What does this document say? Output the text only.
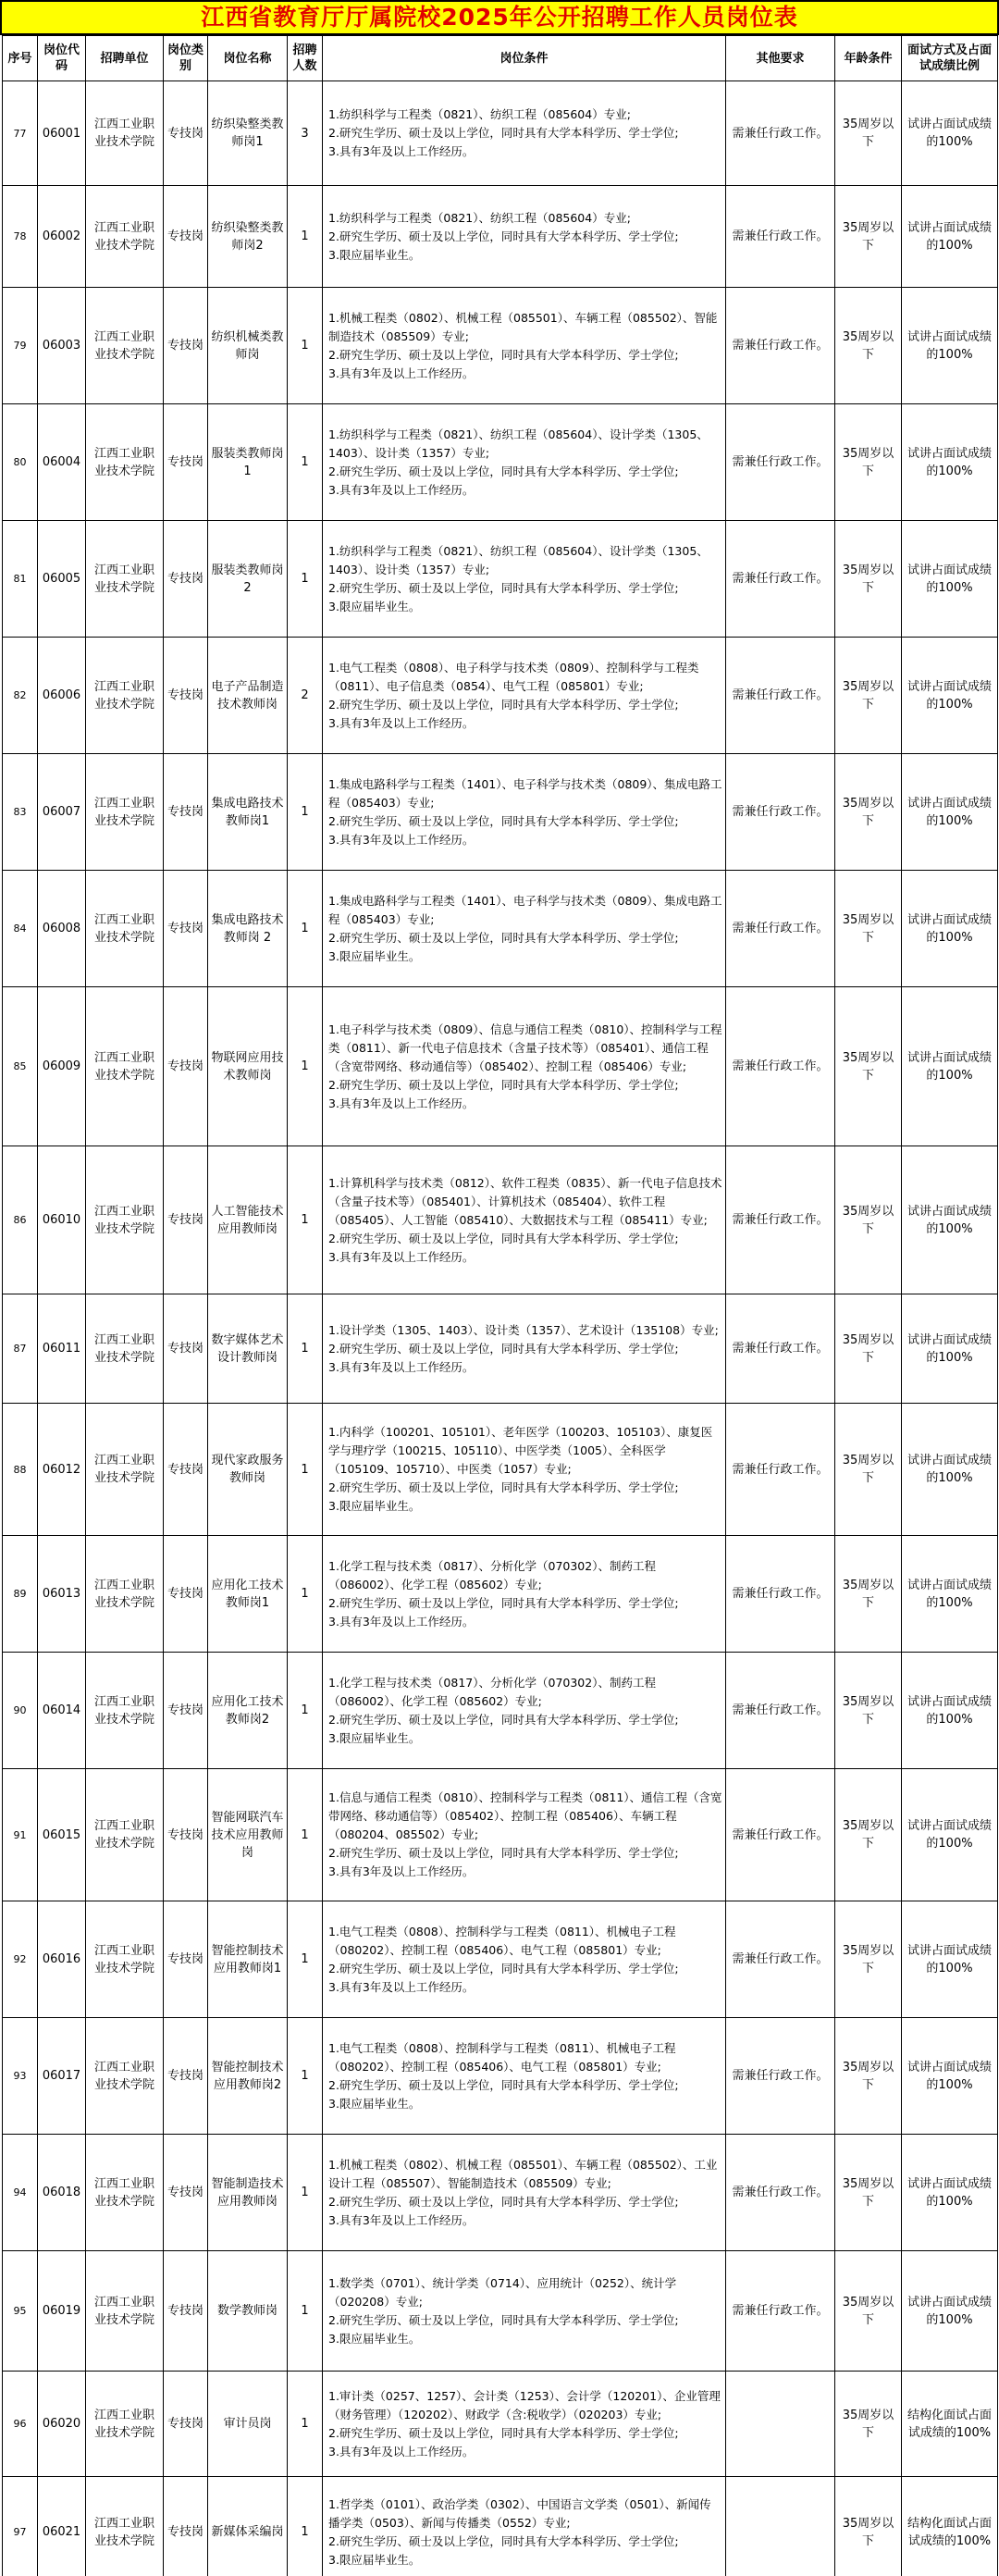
江西省教育厅厅属院校2025年公开招聘工作人员岗位表
序号	岗位代码	招聘单位	岗位类别	岗位名称	招聘人数	岗位条件	其他要求	年龄条件	面试方式及占面试成绩比例
77	06001	江西工业职业技术学院	专技岗	纺织染整类教师岗1	3	1.纺织科学与工程类（0821）、纺织工程（085604）专业;
2.研究生学历、硕士及以上学位，同时具有大学本科学历、学士学位;
3.具有3年及以上工作经历。	需兼任行政工作。	35周岁以下	试讲占面试成绩的100%
78	06002	江西工业职业技术学院	专技岗	纺织染整类教师岗2	1	1.纺织科学与工程类（0821）、纺织工程（085604）专业;
2.研究生学历、硕士及以上学位，同时具有大学本科学历、学士学位;
3.限应届毕业生。	需兼任行政工作。	35周岁以下	试讲占面试成绩的100%
79	06003	江西工业职业技术学院	专技岗	纺织机械类教师岗	1	1.机械工程类（0802）、机械工程（085501）、车辆工程（085502）、智能制造技术（085509）专业;
2.研究生学历、硕士及以上学位，同时具有大学本科学历、学士学位;
3.具有3年及以上工作经历。	需兼任行政工作。	35周岁以下	试讲占面试成绩的100%
80	06004	江西工业职业技术学院	专技岗	服装类教师岗1	1	1.纺织科学与工程类（0821）、纺织工程（085604）、设计学类（1305、1403）、设计类（1357）专业;
2.研究生学历、硕士及以上学位，同时具有大学本科学历、学士学位;
3.具有3年及以上工作经历。	需兼任行政工作。	35周岁以下	试讲占面试成绩的100%
81	06005	江西工业职业技术学院	专技岗	服装类教师岗2	1	1.纺织科学与工程类（0821）、纺织工程（085604）、设计学类（1305、1403）、设计类（1357）专业;
2.研究生学历、硕士及以上学位，同时具有大学本科学历、学士学位;
3.限应届毕业生。	需兼任行政工作。	35周岁以下	试讲占面试成绩的100%
82	06006	江西工业职业技术学院	专技岗	电子产品制造技术教师岗	2	1.电气工程类（0808）、电子科学与技术类（0809）、控制科学与工程类（0811）、电子信息类（0854）、电气工程（085801）专业;
2.研究生学历、硕士及以上学位，同时具有大学本科学历、学士学位;
3.具有3年及以上工作经历。	需兼任行政工作。	35周岁以下	试讲占面试成绩的100%
83	06007	江西工业职业技术学院	专技岗	集成电路技术教师岗1	1	1.集成电路科学与工程类（1401）、电子科学与技术类（0809）、集成电路工程（085403）专业;
2.研究生学历、硕士及以上学位，同时具有大学本科学历、学士学位;
3.具有3年及以上工作经历。	需兼任行政工作。	35周岁以下	试讲占面试成绩的100%
84	06008	江西工业职业技术学院	专技岗	集成电路技术教师岗 2	1	1.集成电路科学与工程类（1401）、电子科学与技术类（0809）、集成电路工程（085403）专业;
2.研究生学历、硕士及以上学位，同时具有大学本科学历、学士学位;
3.限应届毕业生。	需兼任行政工作。	35周岁以下	试讲占面试成绩的100%
85	06009	江西工业职业技术学院	专技岗	物联网应用技术教师岗	1	1.电子科学与技术类（0809）、信息与通信工程类（0810）、控制科学与工程类（0811）、新一代电子信息技术（含量子技术等）（085401）、通信工程（含宽带网络、移动通信等）（085402）、控制工程（085406）专业;
2.研究生学历、硕士及以上学位，同时具有大学本科学历、学士学位;
3.具有3年及以上工作经历。	需兼任行政工作。	35周岁以下	试讲占面试成绩的100%
86	06010	江西工业职业技术学院	专技岗	人工智能技术应用教师岗	1	1.计算机科学与技术类（0812）、软件工程类（0835）、新一代电子信息技术（含量子技术等）（085401）、计算机技术（085404）、软件工程（085405）、人工智能（085410）、大数据技术与工程（085411）专业;
2.研究生学历、硕士及以上学位，同时具有大学本科学历、学士学位;
3.具有3年及以上工作经历。	需兼任行政工作。	35周岁以下	试讲占面试成绩的100%
87	06011	江西工业职业技术学院	专技岗	数字媒体艺术设计教师岗	1	1.设计学类（1305、1403）、设计类（1357）、艺术设计（135108）专业;
2.研究生学历、硕士及以上学位，同时具有大学本科学历、学士学位;
3.具有3年及以上工作经历。	需兼任行政工作。	35周岁以下	试讲占面试成绩的100%
88	06012	江西工业职业技术学院	专技岗	现代家政服务教师岗	1	1.内科学（100201、105101）、老年医学（100203、105103）、康复医学与理疗学（100215、105110）、中医学类（1005）、全科医学（105109、105710）、中医类（1057）专业;
2.研究生学历、硕士及以上学位，同时具有大学本科学历、学士学位;
3.限应届毕业生。	需兼任行政工作。	35周岁以下	试讲占面试成绩的100%
89	06013	江西工业职业技术学院	专技岗	应用化工技术教师岗1	1	1.化学工程与技术类（0817）、分析化学（070302）、制药工程（086002）、化学工程（085602）专业;
2.研究生学历、硕士及以上学位，同时具有大学本科学历、学士学位;
3.具有3年及以上工作经历。	需兼任行政工作。	35周岁以下	试讲占面试成绩的100%
90	06014	江西工业职业技术学院	专技岗	应用化工技术教师岗2	1	1.化学工程与技术类（0817）、分析化学（070302）、制药工程（086002）、化学工程（085602）专业;
2.研究生学历、硕士及以上学位，同时具有大学本科学历、学士学位;
3.限应届毕业生。	需兼任行政工作。	35周岁以下	试讲占面试成绩的100%
91	06015	江西工业职业技术学院	专技岗	智能网联汽车技术应用教师岗	1	1.信息与通信工程类（0810）、控制科学与工程类（0811）、通信工程（含宽带网络、移动通信等）（085402）、控制工程（085406）、车辆工程（080204、085502）专业;
2.研究生学历、硕士及以上学位，同时具有大学本科学历、学士学位;
3.具有3年及以上工作经历。	需兼任行政工作。	35周岁以下	试讲占面试成绩的100%
92	06016	江西工业职业技术学院	专技岗	智能控制技术应用教师岗1	1	1.电气工程类（0808）、控制科学与工程类（0811）、机械电子工程（080202）、控制工程（085406）、电气工程（085801）专业;
2.研究生学历、硕士及以上学位，同时具有大学本科学历、学士学位;
3.具有3年及以上工作经历。	需兼任行政工作。	35周岁以下	试讲占面试成绩的100%
93	06017	江西工业职业技术学院	专技岗	智能控制技术应用教师岗2	1	1.电气工程类（0808）、控制科学与工程类（0811）、机械电子工程（080202）、控制工程（085406）、电气工程（085801）专业;
2.研究生学历、硕士及以上学位，同时具有大学本科学历、学士学位;
3.限应届毕业生。	需兼任行政工作。	35周岁以下	试讲占面试成绩的100%
94	06018	江西工业职业技术学院	专技岗	智能制造技术应用教师岗	1	1.机械工程类（0802）、机械工程（085501）、车辆工程（085502）、工业设计工程（085507）、智能制造技术（085509）专业;
2.研究生学历、硕士及以上学位，同时具有大学本科学历、学士学位;
3.具有3年及以上工作经历。	需兼任行政工作。	35周岁以下	试讲占面试成绩的100%
95	06019	江西工业职业技术学院	专技岗	数学教师岗	1	1.数学类（0701）、统计学类（0714）、应用统计（0252）、统计学（020208）专业;
2.研究生学历、硕士及以上学位，同时具有大学本科学历、学士学位;
3.限应届毕业生。	需兼任行政工作。	35周岁以下	试讲占面试成绩的100%
96	06020	江西工业职业技术学院	专技岗	审计员岗	1	1.审计类（0257、1257）、会计类（1253）、会计学（120201）、企业管理（财务管理）（120202）、财政学（含:税收学）（020203）专业;
2.研究生学历、硕士及以上学位，同时具有大学本科学历、学士学位;
3.具有3年及以上工作经历。		35周岁以下	结构化面试占面试成绩的100%
97	06021	江西工业职业技术学院	专技岗	新媒体采编岗	1	1.哲学类（0101）、政治学类（0302）、中国语言文学类（0501）、新闻传播学类（0503）、新闻与传播类（0552）专业;
2.研究生学历、硕士及以上学位，同时具有大学本科学历、学士学位;
3.限应届毕业生。		35周岁以下	结构化面试占面试成绩的100%
